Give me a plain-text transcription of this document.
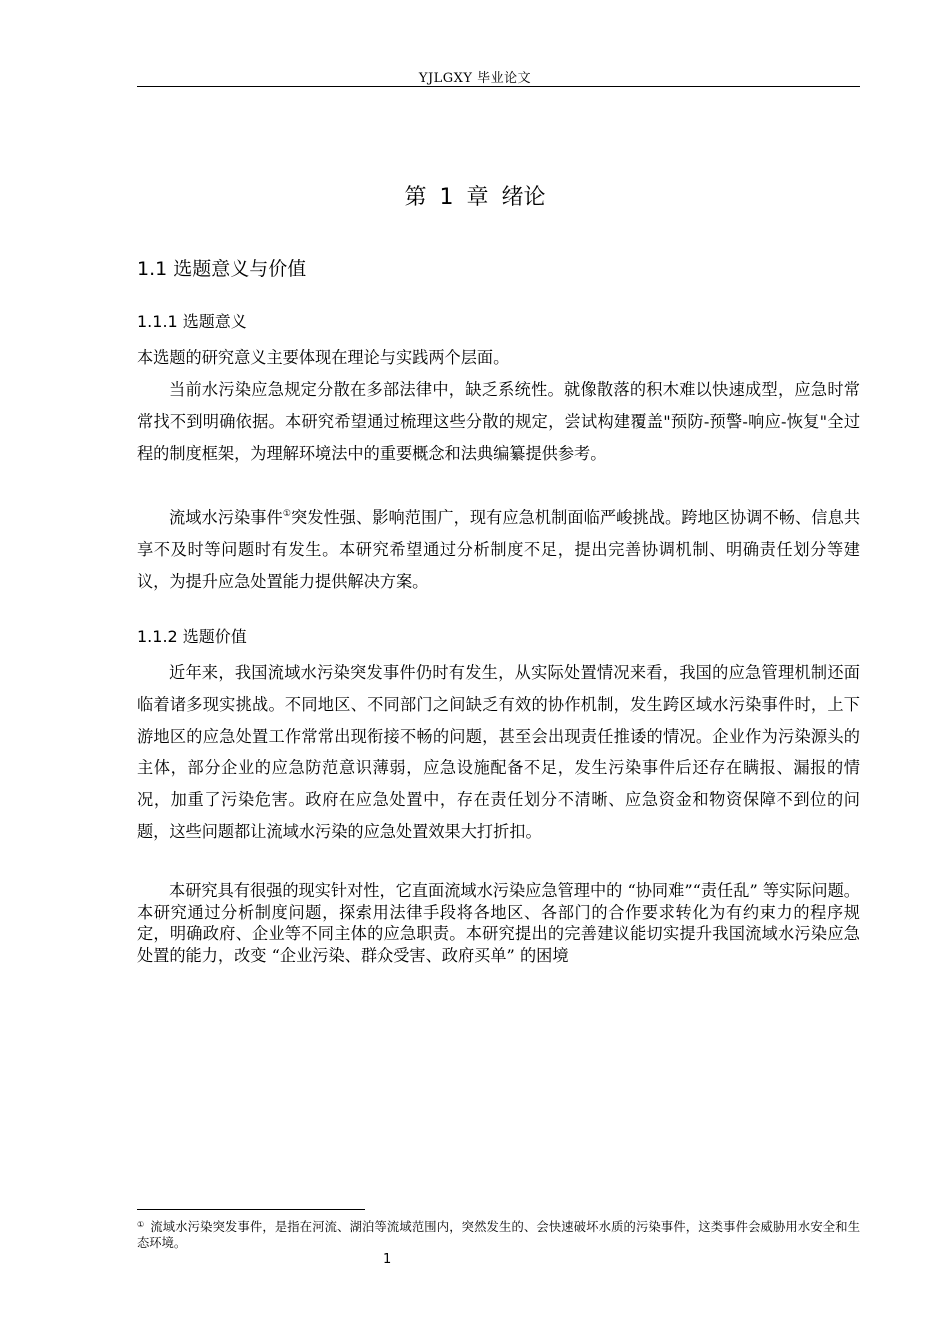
YJLGXY 毕业论文
第 1 章 绪论
1.1 选题意义与价值
1.1.1 选题意义

本选题的研究意义主要体现在理论与实践两个层面。

当前水污染应急规定分散在多部法律中，缺乏系统性。就像散落的积木难以快速成型，应急时常常找不到明确依据。本研究希望通过梳理这些分散的规定，尝试构建覆盖"预防-预警-响应-恢复"全过程的制度框架，为理解环境法中的重要概念和法典编纂提供参考。

流域水污染事件①突发性强、影响范围广，现有应急机制面临严峻挑战。跨地区协调不畅、信息共享不及时等问题时有发生。本研究希望通过分析制度不足，提出完善协调机制、明确责任划分等建议，为提升应急处置能力提供解决方案。

1.1.2 选题价值

近年来，我国流域水污染突发事件仍时有发生，从实际处置情况来看，我国的应急管理机制还面临着诸多现实挑战。不同地区、不同部门之间缺乏有效的协作机制，发生跨区域水污染事件时，上下游地区的应急处置工作常常出现衔接不畅的问题，甚至会出现责任推诿的情况。企业作为污染源头的主体，部分企业的应急防范意识薄弱，应急设施配备不足，发生污染事件后还存在瞒报、漏报的情况，加重了污染危害。政府在应急处置中，存在责任划分不清晰、应急资金和物资保障不到位的问题，这些问题都让流域水污染的应急处置效果大打折扣。

本研究具有很强的现实针对性，它直面流域水污染应急管理中的 “协同难”“责任乱” 等实际问题。本研究通过分析制度问题，探索用法律手段将各地区、各部门的合作要求转化为有约束力的程序规定，明确政府、企业等不同主体的应急职责。本研究提出的完善建议能切实提升我国流域水污染应急处置的能力，改变 “企业污染、群众受害、政府买单” 的困境

① 流域水污染突发事件，是指在河流、湖泊等流域范围内，突然发生的、会快速破坏水质的污染事件，这类事件会威胁用水安全和生态环境。
1
